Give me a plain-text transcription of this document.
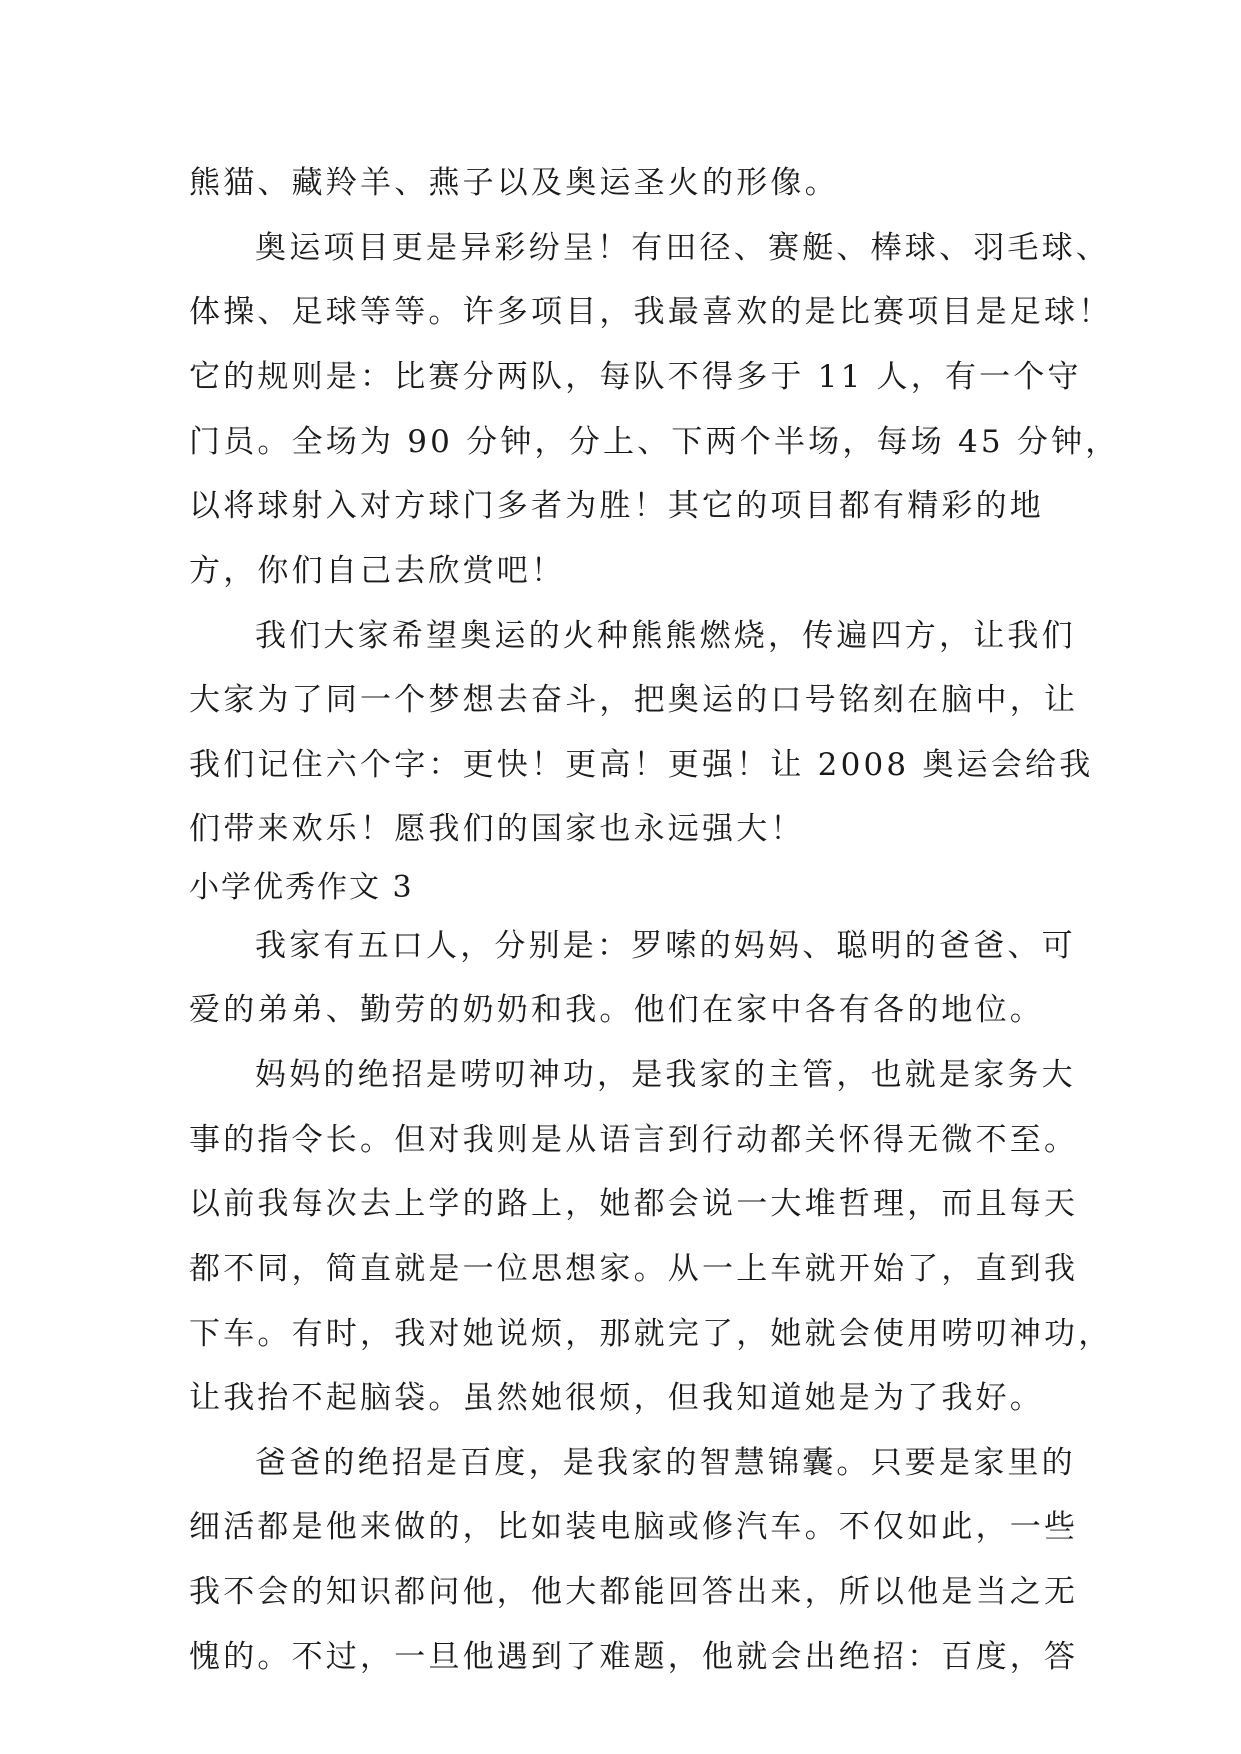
熊猫、藏羚羊、燕子以及奥运圣火的形像。
奥运项目更是异彩纷呈！有田径、赛艇、棒球、羽毛球、
体操、足球等等。许多项目，我最喜欢的是比赛项目是足球！
它的规则是：比赛分两队，每队不得多于 11 人，有一个守
门员。全场为 90 分钟，分上、下两个半场，每场 45 分钟，
以将球射入对方球门多者为胜！其它的项目都有精彩的地
方，你们自己去欣赏吧！
我们大家希望奥运的火种熊熊燃烧，传遍四方，让我们
大家为了同一个梦想去奋斗，把奥运的口号铭刻在脑中，让
我们记住六个字：更快！更高！更强！让 2008 奥运会给我
们带来欢乐！愿我们的国家也永远强大！
小学优秀作文 3
我家有五口人，分别是：罗嗦的妈妈、聪明的爸爸、可
爱的弟弟、勤劳的奶奶和我。他们在家中各有各的地位。
妈妈的绝招是唠叨神功，是我家的主管，也就是家务大
事的指令长。但对我则是从语言到行动都关怀得无微不至。
以前我每次去上学的路上，她都会说一大堆哲理，而且每天
都不同，简直就是一位思想家。从一上车就开始了，直到我
下车。有时，我对她说烦，那就完了，她就会使用唠叨神功，
让我抬不起脑袋。虽然她很烦，但我知道她是为了我好。
爸爸的绝招是百度，是我家的智慧锦囊。只要是家里的
细活都是他来做的，比如装电脑或修汽车。不仅如此，一些
我不会的知识都问他，他大都能回答出来，所以他是当之无
愧的。不过，一旦他遇到了难题，他就会出绝招：百度，答
